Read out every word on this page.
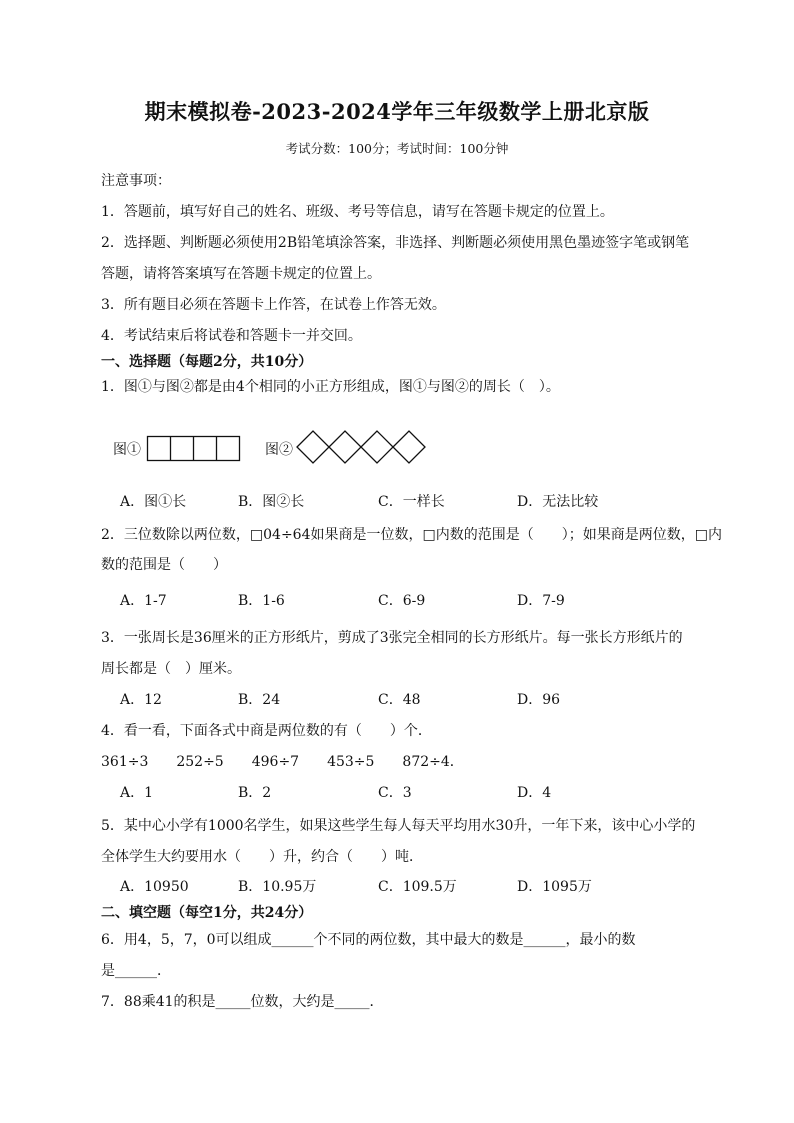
期末模拟卷-2023-2024学年三年级数学上册北京版
考试分数：100分；考试时间：100分钟
注意事项：
1．答题前，填写好自己的姓名、班级、考号等信息，请写在答题卡规定的位置上。
2．选择题、判断题必须使用2B铅笔填涂答案，非选择、判断题必须使用黑色墨迹签字笔或钢笔
答题，请将答案填写在答题卡规定的位置上。
3．所有题目必须在答题卡上作答，在试卷上作答无效。
4．考试结束后将试卷和答题卡一并交回。
一、选择题（每题2分，共10分）
1．图①与图②都是由4个相同的小正方形组成，图①与图②的周长（　）。
图①	图②
A．图①长	B．图②长	C．一样长	D．无法比较
2．三位数除以两位数，□04÷64如果商是一位数，□内数的范围是（　　）；如果商是两位数，□内
数的范围是（　　）
A．1-7	B．1-6	C．6-9	D．7-9
3．一张周长是36厘米的正方形纸片，剪成了3张完全相同的长方形纸片。每一张长方形纸片的
周长都是（　）厘米。
A．12	B．24	C．48	D．96
4．看一看，下面各式中商是两位数的有（　　）个．
361÷3　　252÷5　　496÷7　　453÷5　　872÷4．
A．1	B．2	C．3	D．4
5．某中心小学有1000名学生，如果这些学生每人每天平均用水30升，一年下来，该中心小学的
全体学生大约要用水（　　）升，约合（　　）吨．
A．10950	B．10.95万	C．109.5万	D．1095万
二、填空题（每空1分，共24分）
6．用4，5，7，0可以组成______个不同的两位数，其中最大的数是______，最小的数
是______．
7．88乘41的积是_____位数，大约是_____．
